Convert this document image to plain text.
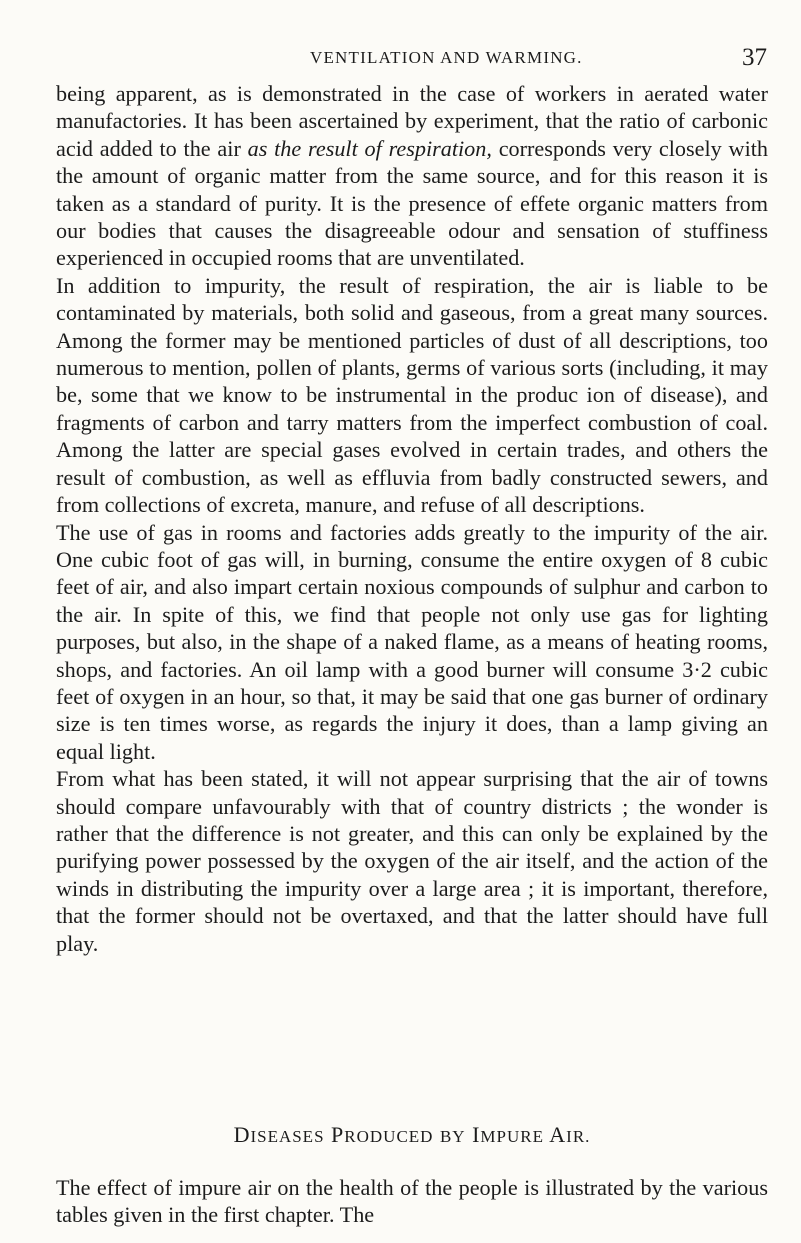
VENTILATION AND WARMING.	37

being apparent, as is demonstrated in the case of workers in aerated water manufactories. It has been ascertained by experiment, that the ratio of carbonic acid added to the air as the result of respiration, corresponds very closely with the amount of organic matter from the same source, and for this reason it is taken as a standard of purity. It is the presence of effete organic matters from our bodies that causes the disagreeable odour and sensation of stuffiness experienced in occupied rooms that are unventilated.

In addition to impurity, the result of respiration, the air is liable to be contaminated by materials, both solid and gaseous, from a great many sources. Among the former may be mentioned particles of dust of all descriptions, too numerous to mention, pollen of plants, germs of various sorts (including, it may be, some that we know to be instrumental in the produc ion of disease), and fragments of carbon and tarry matters from the imperfect combustion of coal. Among the latter are special gases evolved in certain trades, and others the result of combustion, as well as effluvia from badly constructed sewers, and from collections of excreta, manure, and refuse of all descriptions.

The use of gas in rooms and factories adds greatly to the impurity of the air. One cubic foot of gas will, in burning, consume the entire oxygen of 8 cubic feet of air, and also impart certain noxious compounds of sulphur and carbon to the air. In spite of this, we find that people not only use gas for lighting purposes, but also, in the shape of a naked flame, as a means of heating rooms, shops, and factories. An oil lamp with a good burner will consume 3·2 cubic feet of oxygen in an hour, so that, it may be said that one gas burner of ordinary size is ten times worse, as regards the injury it does, than a lamp giving an equal light.

From what has been stated, it will not appear surprising that the air of towns should compare unfavourably with that of country districts ; the wonder is rather that the difference is not greater, and this can only be explained by the purifying power possessed by the oxygen of the air itself, and the action of the winds in distributing the impurity over a large area ; it is important, therefore, that the former should not be overtaxed, and that the latter should have full play.

DISEASES PRODUCED BY IMPURE AIR.

The effect of impure air on the health of the people is illustrated by the various tables given in the first chapter. The
